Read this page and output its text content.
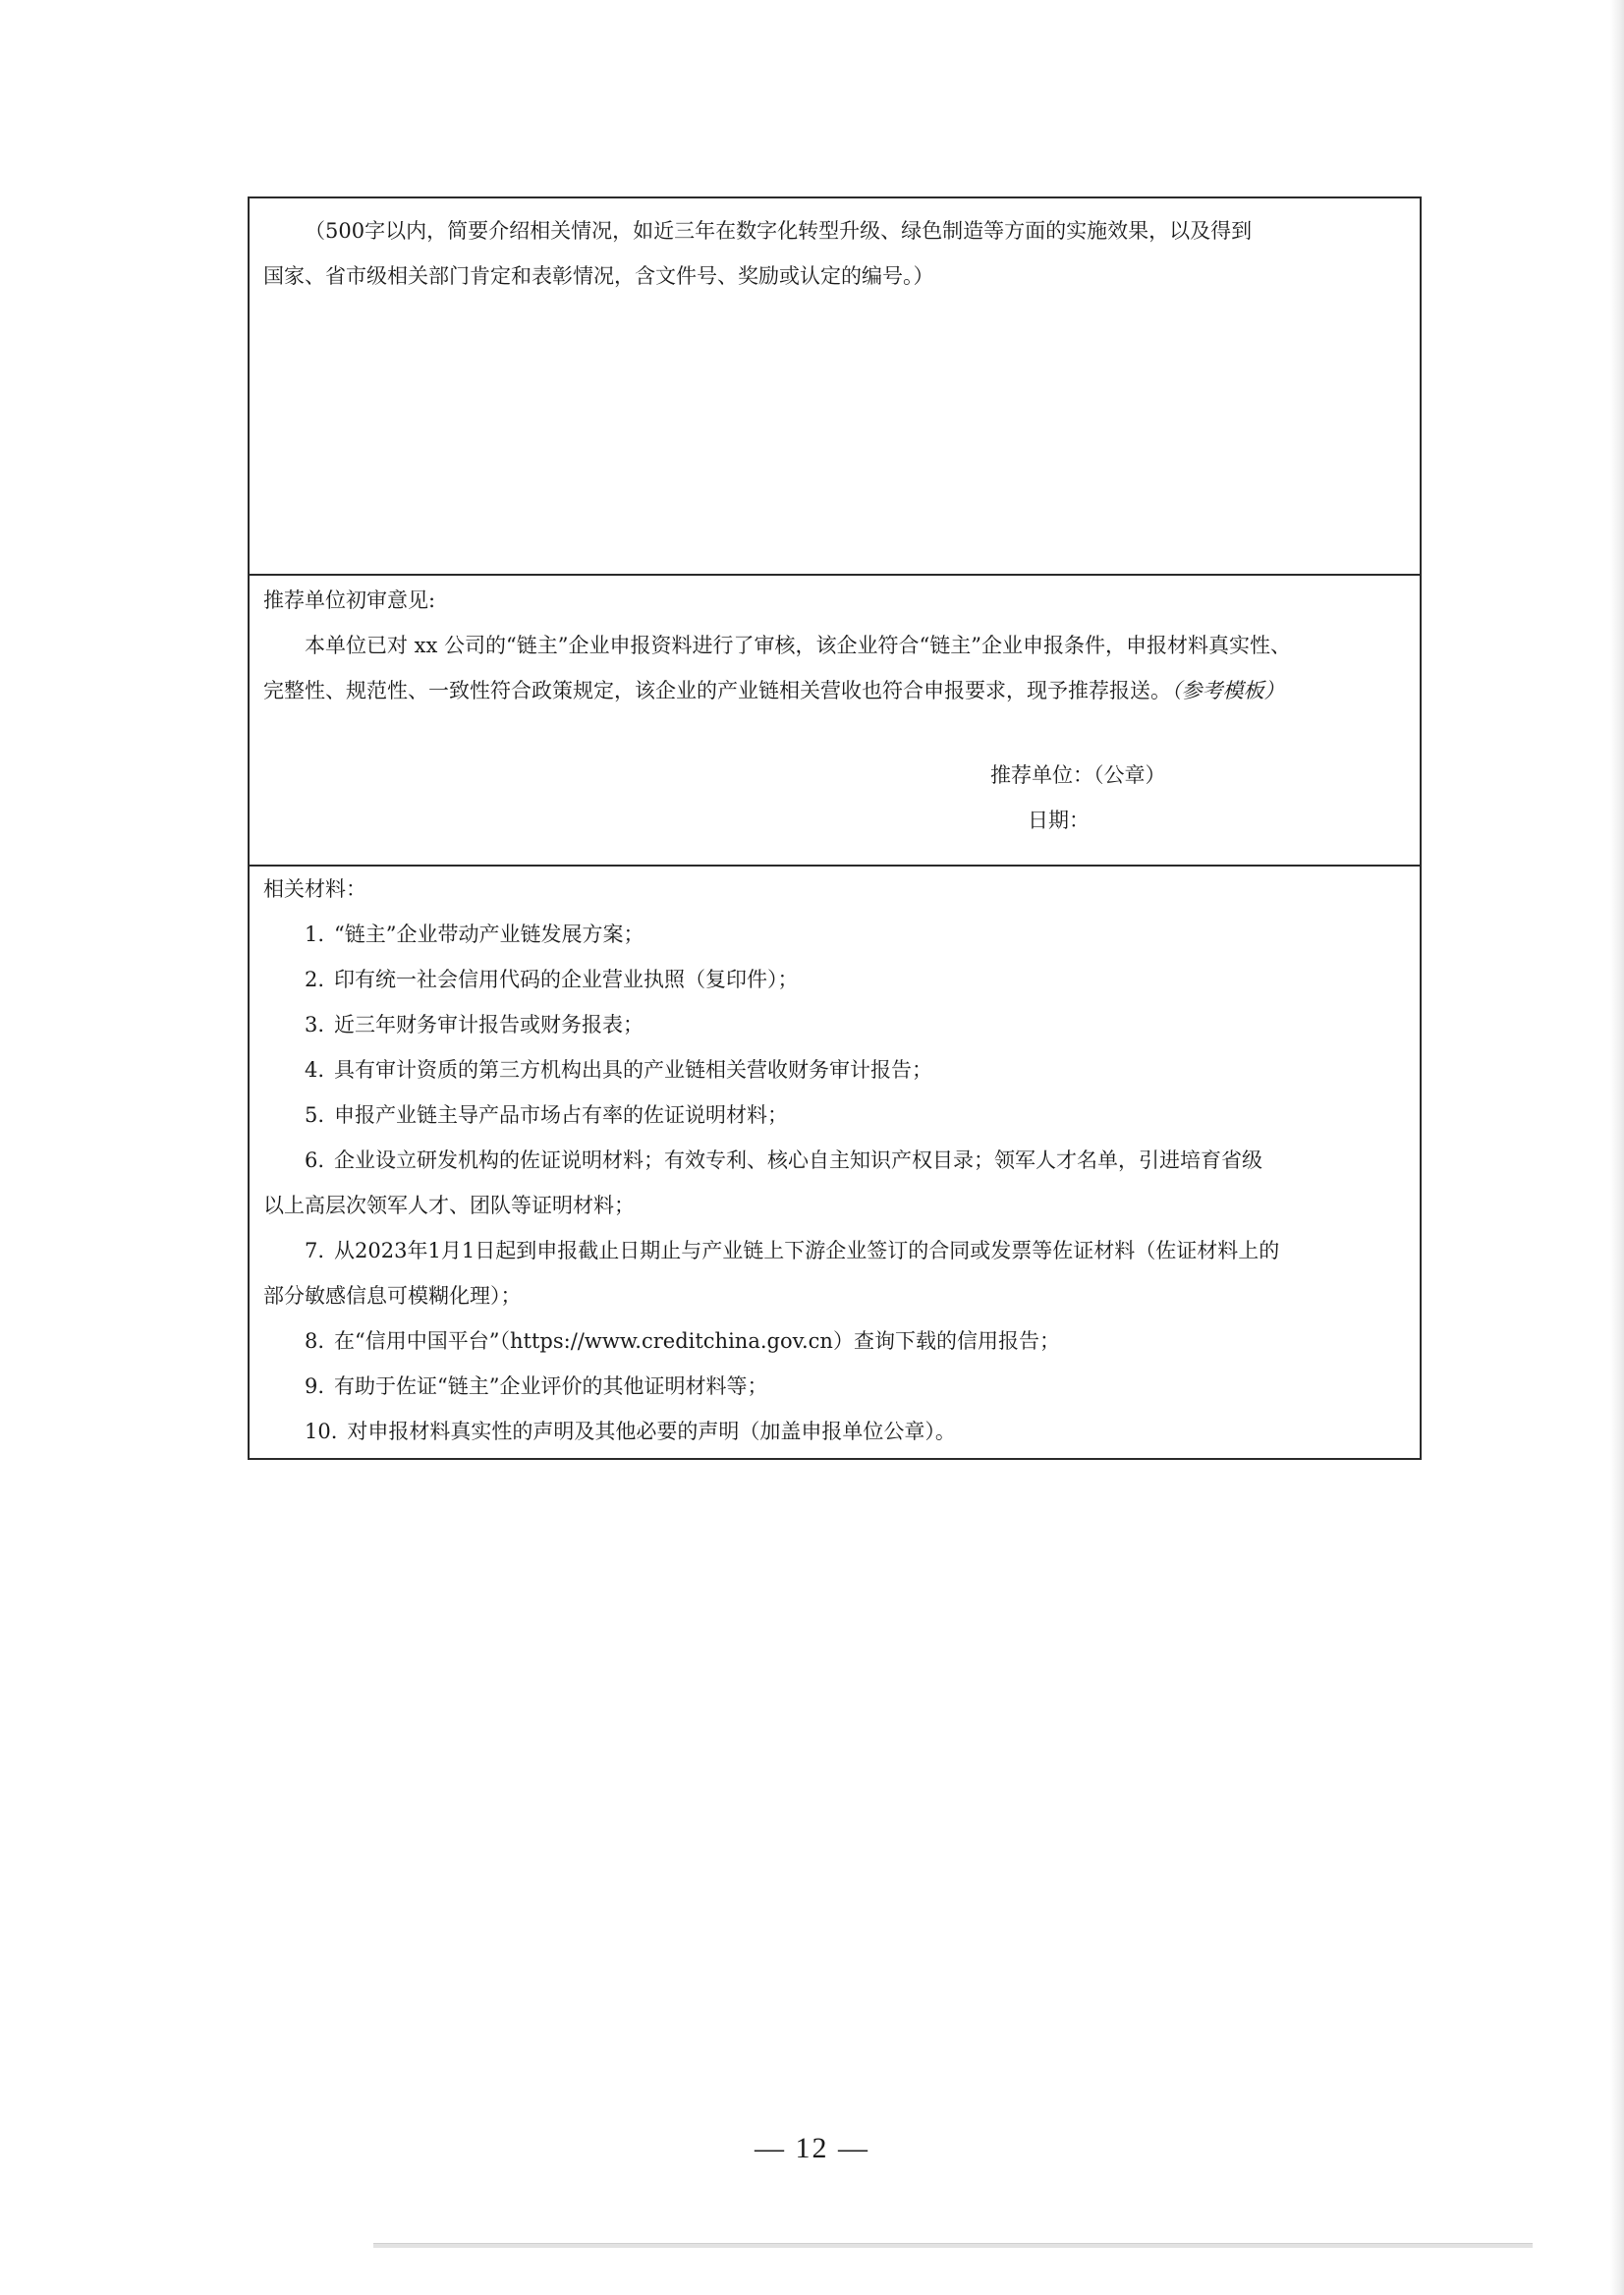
（500字以内，简要介绍相关情况，如近三年在数字化转型升级、绿色制造等方面的实施效果，以及得到

国家、省市级相关部门肯定和表彰情况，含文件号、奖励或认定的编号。）

推荐单位初审意见:

本单位已对 xx 公司的“链主”企业申报资料进行了审核，该企业符合“链主”企业申报条件，申报材料真实性、

完整性、规范性、一致性符合政策规定，该企业的产业链相关营收也符合申报要求，现予推荐报送。（参考模板）

推荐单位：（公章）

日期：

相关材料：

1. “链主”企业带动产业链发展方案；

2. 印有统一社会信用代码的企业营业执照（复印件）；

3. 近三年财务审计报告或财务报表；

4. 具有审计资质的第三方机构出具的产业链相关营收财务审计报告；

5. 申报产业链主导产品市场占有率的佐证说明材料；

6. 企业设立研发机构的佐证说明材料；有效专利、核心自主知识产权目录；领军人才名单，引进培育省级

以上高层次领军人才、团队等证明材料；

7. 从2023年1月1日起到申报截止日期止与产业链上下游企业签订的合同或发票等佐证材料（佐证材料上的

部分敏感信息可模糊化理）；

8. 在“信用中国平台”（https://www.creditchina.gov.cn）查询下载的信用报告；

9. 有助于佐证“链主”企业评价的其他证明材料等；

10. 对申报材料真实性的声明及其他必要的声明（加盖申报单位公章）。

— 12 —
